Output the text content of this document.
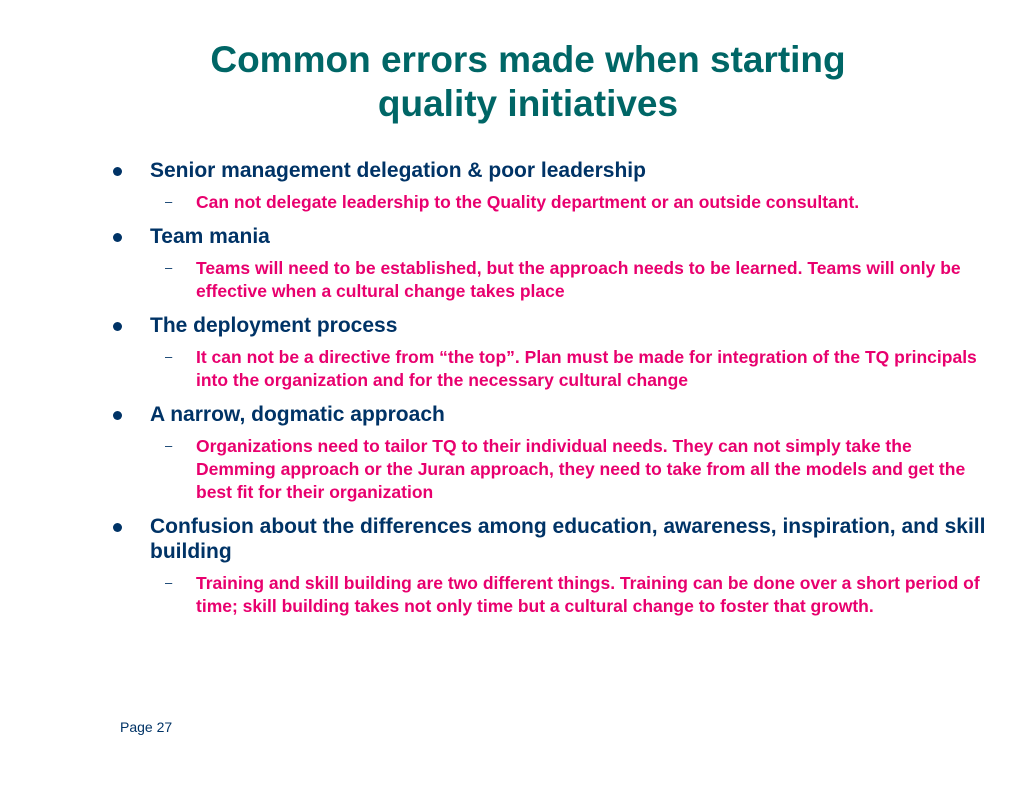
Common errors made when starting
quality initiatives
Senior management delegation & poor leadership
– Can not delegate leadership to the Quality department or an outside consultant.
Team mania
– Teams will need to be established, but the approach needs to be learned. Teams will only be effective when a cultural change takes place
The deployment process
– It can not be a directive from “the top”. Plan must be made for integration of the TQ principals into the organization and for the necessary cultural change
A narrow, dogmatic approach
– Organizations need to tailor TQ to their individual needs. They can not simply take the Demming approach or the Juran approach, they need to take from all the models and get the best fit for their organization
Confusion about the differences among education, awareness, inspiration, and skill building
– Training and skill building are two different things. Training can be done over a short period of time; skill building takes not only time but a cultural change to foster that growth.
Page 27
